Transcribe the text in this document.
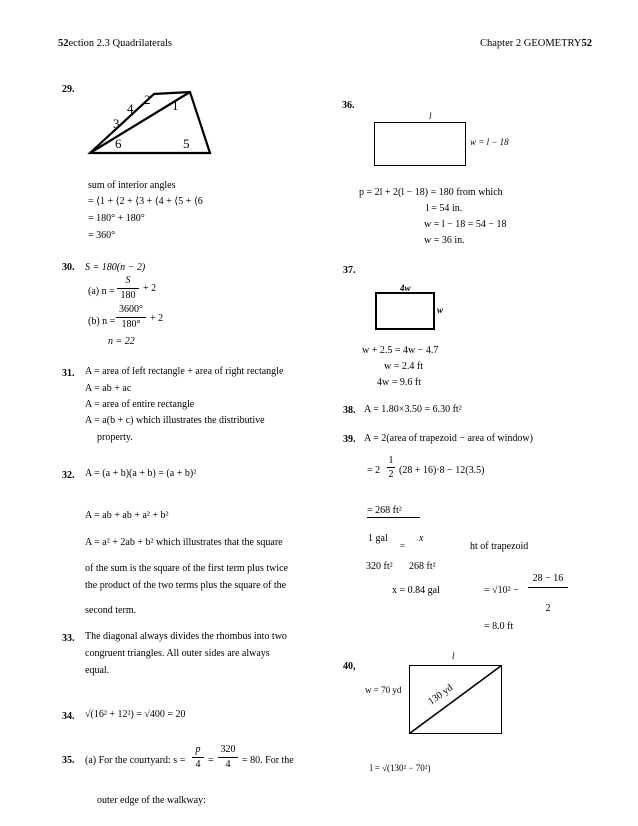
52ection 2.3 Quadrilaterals	Chapter 2 GEOMETRY52
29.
2 1
4
3
6	5
sum of interior angles
= ⟨1 + ⟨2 + ⟨3 + ⟨4 + ⟨5 + ⟨6
= 180° + 180°
= 360°
30. S = 180(n − 2)
(a) n =
S
180
+ 2
(b) n =
3600°
180°
+ 2
n = 22
31. A = area of left rectangle + area of right rectangle
A = ab + ac
A = area of entire rectangle
A = a(b + c) which illustrates the distributive
property.
32. A = (a + b)(a + b) = (a + b)²
A = ab + ab + a² + b²
A = a² + 2ab + b² which illustrates that the square
of the sum is the square of the first term plus twice
the product of the two terms plus the square of the
second term.
33. The diagonal always divides the rhombus into two
congruent triangles. All outer sides are always
equal.
34. √(16² + 12²) = √400 = 20
35. (a) For the courtyard: s =
p
4 =
320
4	= 80. For the
outer edge of the walkway:
36.
l
w = l − 18
p = 2l + 2(l − 18) = 180 from which
l = 54 in.
w = l − 18 = 54 − 18
w = 36 in.
37.
4w
w
w + 2.5 = 4w − 4.7
w = 2.4 ft
4w = 9.6 ft
38. A = 1.80×3.50 = 6.30 ft²
39. A = 2(area of trapezoid − area of window)
= 2
1
2 (28 + 16)·8 − 12(3.5)
= 268 ft²
1 gal
=
x
ht of trapezoid
320 ft² 268 ft²
x = 0.84 gal	= √10² −
28 − 16
2
= 8.0 ft
40,
l
130 yd
w = 70 yd
l = √(130² − 70²)
